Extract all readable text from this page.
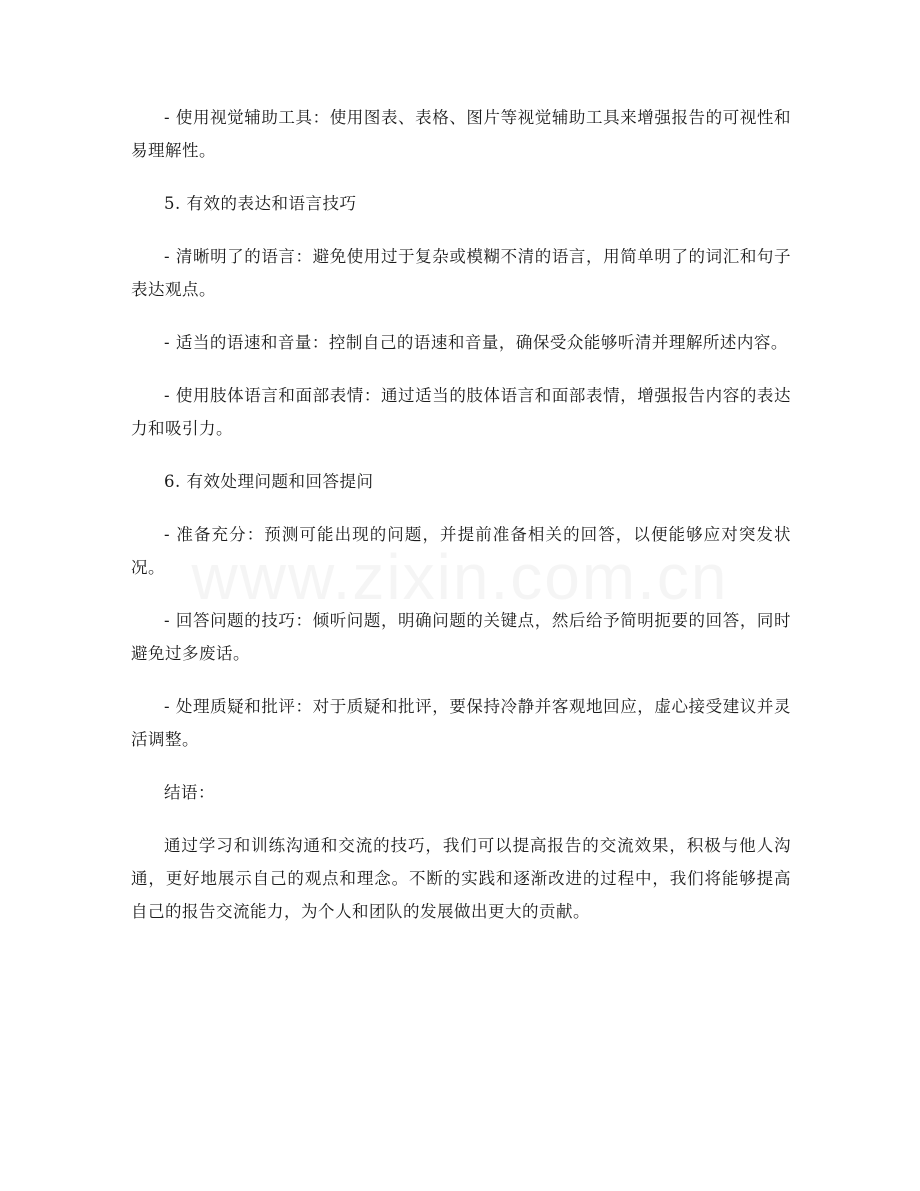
- 使用视觉辅助工具：使用图表、表格、图片等视觉辅助工具来增强报告的可视性和易理解性。

5. 有效的表达和语言技巧

- 清晰明了的语言：避免使用过于复杂或模糊不清的语言，用简单明了的词汇和句子表达观点。

- 适当的语速和音量：控制自己的语速和音量，确保受众能够听清并理解所述内容。

- 使用肢体语言和面部表情：通过适当的肢体语言和面部表情，增强报告内容的表达力和吸引力。

6. 有效处理问题和回答提问

- 准备充分：预测可能出现的问题，并提前准备相关的回答，以便能够应对突发状况。

- 回答问题的技巧：倾听问题，明确问题的关键点，然后给予简明扼要的回答，同时避免过多废话。

- 处理质疑和批评：对于质疑和批评，要保持冷静并客观地回应，虚心接受建议并灵活调整。

结语：

通过学习和训练沟通和交流的技巧，我们可以提高报告的交流效果，积极与他人沟通，更好地展示自己的观点和理念。不断的实践和逐渐改进的过程中，我们将能够提高自己的报告交流能力，为个人和团队的发展做出更大的贡献。

www.zixin.com.cn
